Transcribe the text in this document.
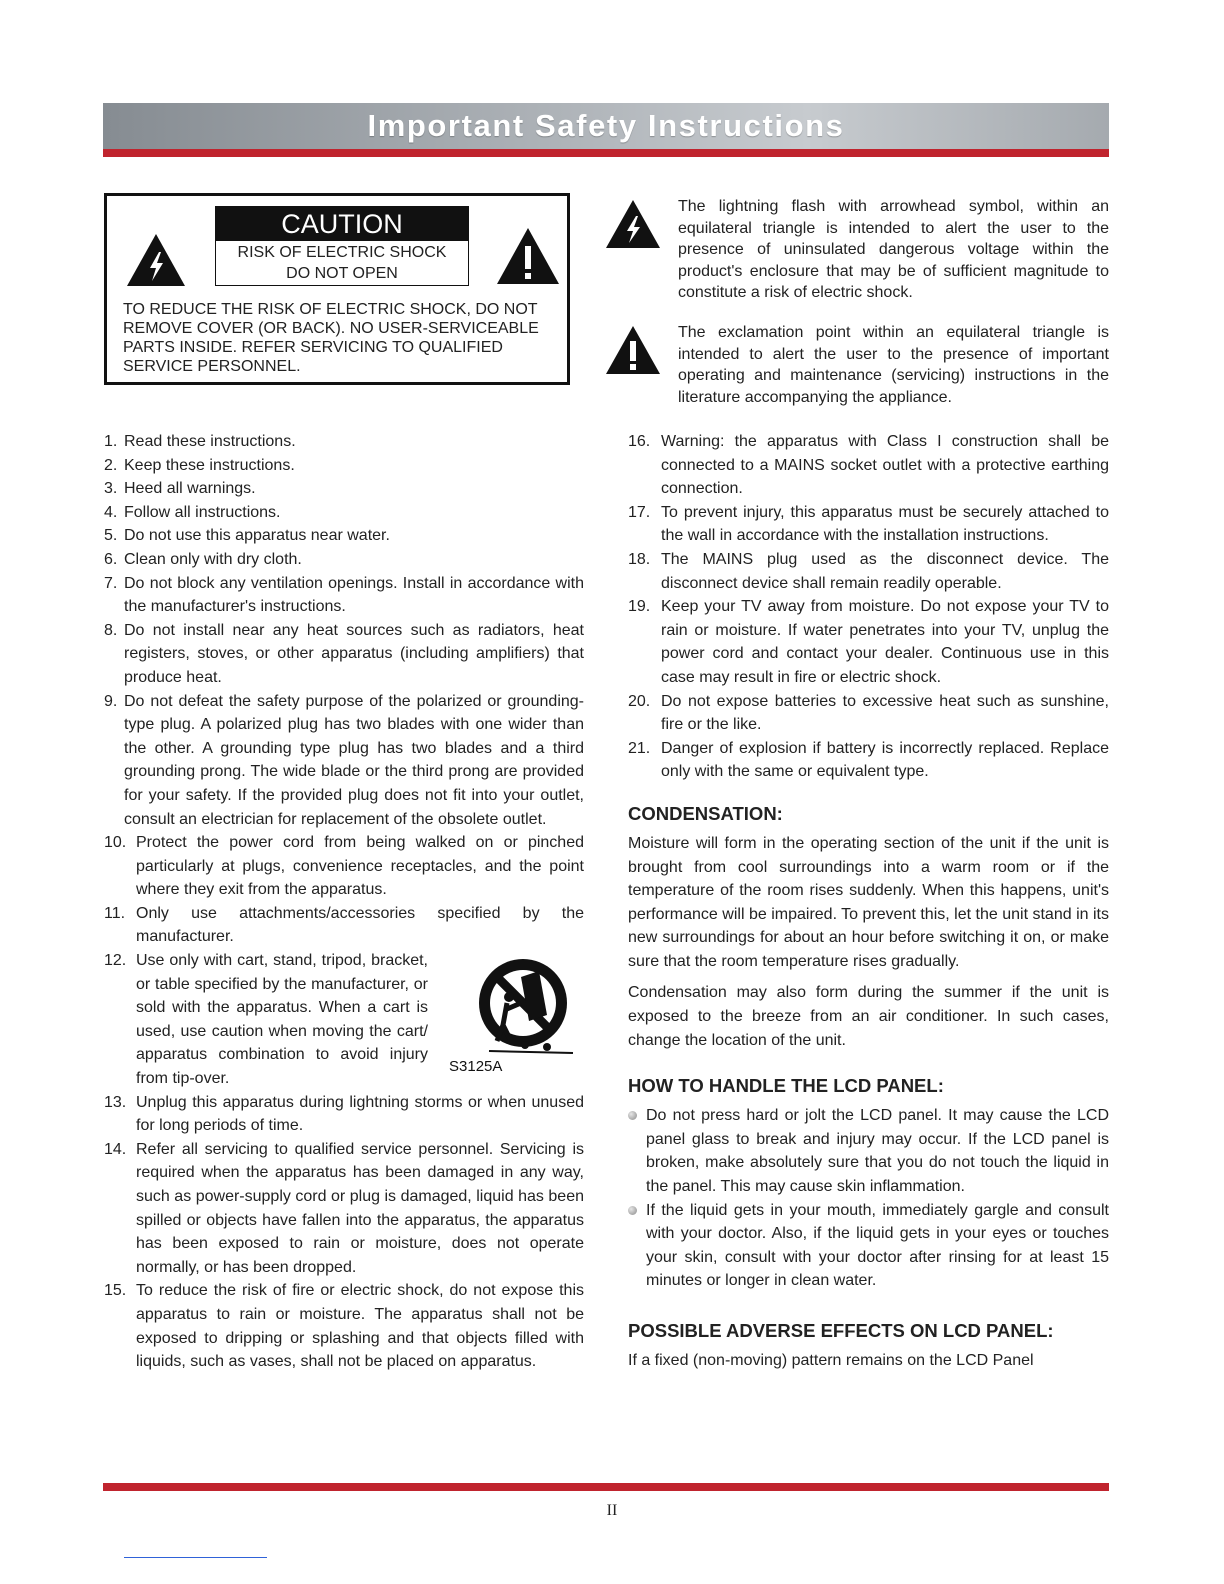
Important Safety Instructions
CAUTION
RISK OF ELECTRIC SHOCK
DO NOT OPEN
TO REDUCE THE RISK OF ELECTRIC SHOCK, DO NOT
REMOVE COVER (OR BACK). NO USER-SERVICEABLE
PARTS INSIDE. REFER SERVICING TO QUALIFIED
SERVICE PERSONNEL.
The lightning flash with arrowhead symbol, within an equilateral triangle is intended to alert the user to the presence of uninsulated dangerous voltage within the product's enclosure that may be of sufficient magnitude to constitute a risk of electric shock.
The exclamation point within an equilateral triangle is intended to alert the user to the presence of important operating and maintenance (servicing) instructions in the literature accompanying the appliance.
1. Read these instructions.
2. Keep these instructions.
3. Heed all warnings.
4. Follow all instructions.
5. Do not use this apparatus near water.
6. Clean only with dry cloth.
7. Do not block any ventilation openings. Install in accordance with the manufacturer's instructions.
8. Do not install near any heat sources such as radiators, heat registers, stoves, or other apparatus (including amplifiers) that produce heat.
9. Do not defeat the safety purpose of the polarized or grounding-type plug. A polarized plug has two blades with one wider than the other. A grounding type plug has two blades and a third grounding prong. The wide blade or the third prong are provided for your safety. If the provided plug does not fit into your outlet, consult an electrician for replacement of the obsolete outlet.
10. Protect the power cord from being walked on or pinched particularly at plugs, convenience receptacles, and the point where they exit from the apparatus.
11. Only use attachments/accessories specified by the manufacturer.
12. Use only with cart, stand, tripod, bracket, or table specified by the manufacturer, or sold with the apparatus. When a cart is used, use caution when moving the cart/ apparatus combination to avoid injury from tip-over.
S3125A
13. Unplug this apparatus during lightning storms or when unused for long periods of time.
14. Refer all servicing to qualified service personnel. Servicing is required when the apparatus has been damaged in any way, such as power-supply cord or plug is damaged, liquid has been spilled or objects have fallen into the apparatus, the apparatus has been exposed to rain or moisture, does not operate normally, or has been dropped.
15. To reduce the risk of fire or electric shock, do not expose this apparatus to rain or moisture. The apparatus shall not be exposed to dripping or splashing and that objects filled with liquids, such as vases, shall not be placed on apparatus.
16. Warning: the apparatus with Class I construction shall be connected to a MAINS socket outlet with a protective earthing connection.
17. To prevent injury, this apparatus must be securely attached to the wall in accordance with the installation instructions.
18. The MAINS plug used as the disconnect device. The disconnect device shall remain readily operable.
19. Keep your TV away from moisture. Do not expose your TV to rain or moisture. If water penetrates into your TV, unplug the power cord and contact your dealer. Continuous use in this case may result in fire or electric shock.
20. Do not expose batteries to excessive heat such as sunshine, fire or the like.
21. Danger of explosion if battery is incorrectly replaced. Replace only with the same or equivalent type.
CONDENSATION:

Moisture will form in the operating section of the unit if the unit is brought from cool surroundings into a warm room or if the temperature of the room rises suddenly. When this happens, unit's performance will be impaired. To prevent this, let the unit stand in its new surroundings for about an hour before switching it on, or make sure that the room temperature rises gradually.

Condensation may also form during the summer if the unit is exposed to the breeze from an air conditioner. In such cases, change the location of the unit.

HOW TO HANDLE THE LCD PANEL:
Do not press hard or jolt the LCD panel. It may cause the LCD panel glass to break and injury may occur. If the LCD panel is broken, make absolutely sure that you do not touch the liquid in the panel. This may cause skin inflammation.
If the liquid gets in your mouth, immediately gargle and consult with your doctor. Also, if the liquid gets in your eyes or touches your skin, consult with your doctor after rinsing for at least 15 minutes or longer in clean water.
POSSIBLE ADVERSE EFFECTS ON LCD PANEL:

If a fixed (non-moving) pattern remains on the LCD Panel

II
